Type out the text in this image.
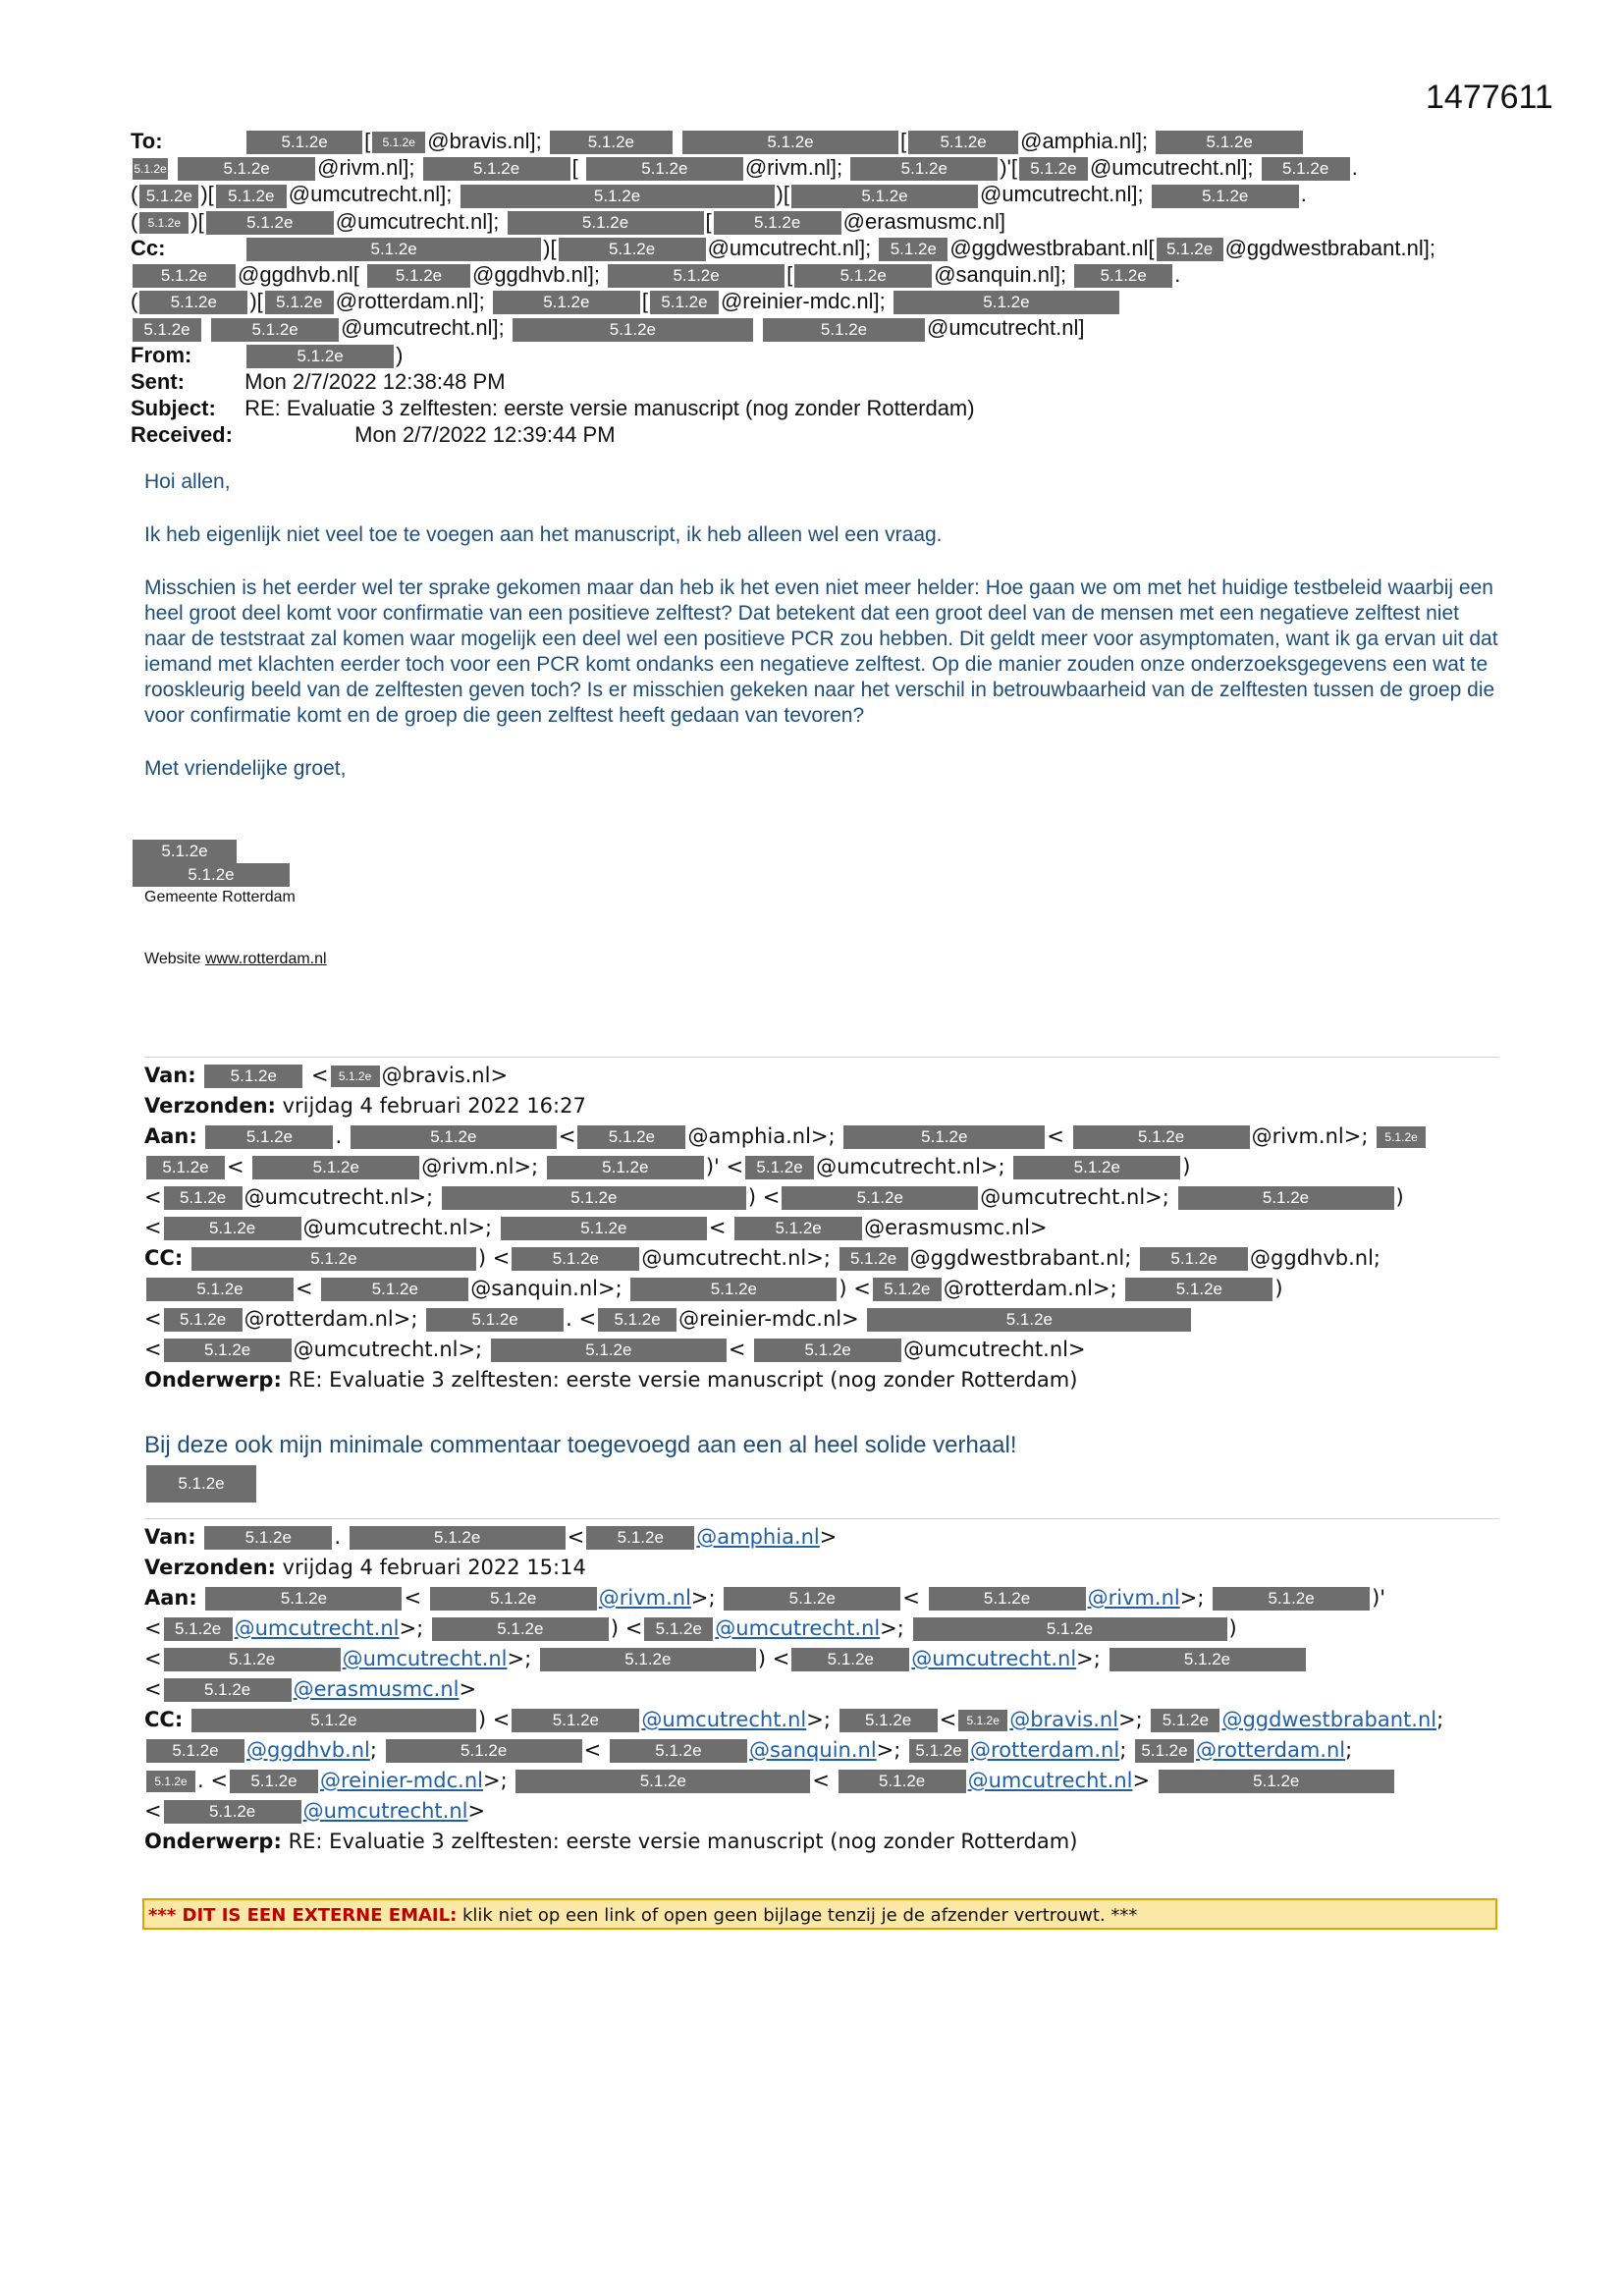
1477611
To:	5.1.2e [ 5.1.2e @bravis.nl];	5.1.2e	5.1.2e	[ 5.1.2e @amphia.nl];	5.1.2e
5.1.2e	5.1.2e @rivm.nl];	5.1.2e [	5.1.2e	@rivm.nl];	5.1.2e )'[ 5.1.2e @umcutrecht.nl]; 5.1.2e .
( 5.1.2e )[ 5.1.2e @umcutrecht.nl];	5.1.2e	)[	5.1.2e	@umcutrecht.nl];	5.1.2e .
( 5.1.2e )[	5.1.2e @umcutrecht.nl];	5.1.2e	[	5.1.2e @erasmusmc.nl]
Cc:	5.1.2e	)[	5.1.2e @umcutrecht.nl]; 5.1.2e @ggdwestbrabant.nl[ 5.1.2e @ggdwestbrabant.nl];
5.1.2e @ggdhvb.nl[ 5.1.2e @ggdhvb.nl];	5.1.2e	[	5.1.2e @sanquin.nl]; 5.1.2e .
( 5.1.2e )[ 5.1.2e @rotterdam.nl];	5.1.2e [ 5.1.2e @reinier-mdc.nl];	5.1.2e
5.1.2e	5.1.2e @umcutrecht.nl];	5.1.2e	5.1.2e	@umcutrecht.nl]
From:	5.1.2e )
Sent:	Mon 2/7/2022 12:38:48 PM
Subject: RE: Evaluatie 3 zelftesten: eerste versie manuscript (nog zonder Rotterdam)
Received:	Mon 2/7/2022 12:39:44 PM

Hoi allen,

Ik heb eigenlijk niet veel toe te voegen aan het manuscript, ik heb alleen wel een vraag.

Misschien is het eerder wel ter sprake gekomen maar dan heb ik het even niet meer helder: Hoe gaan we om met het huidige testbeleid waarbij een heel groot deel komt voor confirmatie van een positieve zelftest? Dat betekent dat een groot deel van de mensen met een negatieve zelftest niet naar de teststraat zal komen waar mogelijk een deel wel een positieve PCR zou hebben. Dit geldt meer voor asymptomaten, want ik ga ervan uit dat iemand met klachten eerder toch voor een PCR komt ondanks een negatieve zelftest. Op die manier zouden onze onderzoeksgegevens een wat te rooskleurig beeld van de zelftesten geven toch? Is er misschien gekeken naar het verschil in betrouwbaarheid van de zelftesten tussen de groep die voor confirmatie komt en de groep die geen zelftest heeft gedaan van tevoren?

Met vriendelijke groet,

5.1.2e
5.1.2e
Gemeente Rotterdam
Website www.rotterdam.nl
Van: 5.1.2e < 5.1.2e @bravis.nl>
Verzonden: vrijdag 4 februari 2022 16:27
Aan:	5.1.2e .	5.1.2e	< 5.1.2e @amphia.nl>;	5.1.2e	<	5.1.2e	@rivm.nl>; 5.1.2e
5.1.2e <	5.1.2e	@rivm.nl>;	5.1.2e	)' < 5.1.2e @umcutrecht.nl>;	5.1.2e	)
< 5.1.2e @umcutrecht.nl>;	5.1.2e	) <	5.1.2e	@umcutrecht.nl>;	5.1.2e	)
<	5.1.2e @umcutrecht.nl>;	5.1.2e	<	5.1.2e @erasmusmc.nl>
CC:	5.1.2e	) <	5.1.2e @umcutrecht.nl>; 5.1.2e @ggdwestbrabant.nl; 5.1.2e @ggdhvb.nl;
5.1.2e	<	5.1.2e	@sanquin.nl>;	5.1.2e	) < 5.1.2e @rotterdam.nl>;	5.1.2e	)
< 5.1.2e @rotterdam.nl>;	5.1.2e . < 5.1.2e @reinier-mdc.nl>	5.1.2e
<	5.1.2e @umcutrecht.nl>;	5.1.2e	<	5.1.2e	@umcutrecht.nl>
Onderwerp: RE: Evaluatie 3 zelftesten: eerste versie manuscript (nog zonder Rotterdam)
Bij deze ook mijn minimale commentaar toegevoegd aan een al heel solide verhaal!
5.1.2e
Van:	5.1.2e .	5.1.2e	< 5.1.2e @amphia.nl>
Verzonden: vrijdag 4 februari 2022 15:14
Aan:	5.1.2e	<	5.1.2e	@rivm.nl>;	5.1.2e	<	5.1.2e	@rivm.nl>;	5.1.2e	)'
< 5.1.2e @umcutrecht.nl>;	5.1.2e	) < 5.1.2e @umcutrecht.nl>;	5.1.2e	)
<	5.1.2e	@umcutrecht.nl>;	5.1.2e	) < 5.1.2e @umcutrecht.nl>;	5.1.2e
<	5.1.2e @erasmusmc.nl>
CC:	5.1.2e	) <	5.1.2e @umcutrecht.nl>; 5.1.2e < 5.1.2e @bravis.nl>; 5.1.2e @ggdwestbrabant.nl;
5.1.2e @ggdhvb.nl;	5.1.2e	<	5.1.2e @sanquin.nl>; 5.1.2e @rotterdam.nl; 5.1.2e @rotterdam.nl;
5.1.2e . < 5.1.2e @reinier-mdc.nl>;	5.1.2e	<	5.1.2e @umcutrecht.nl>	5.1.2e
<	5.1.2e @umcutrecht.nl>
Onderwerp: RE: Evaluatie 3 zelftesten: eerste versie manuscript (nog zonder Rotterdam)
*** DIT IS EEN EXTERNE EMAIL: klik niet op een link of open geen bijlage tenzij je de afzender vertrouwt. ***
